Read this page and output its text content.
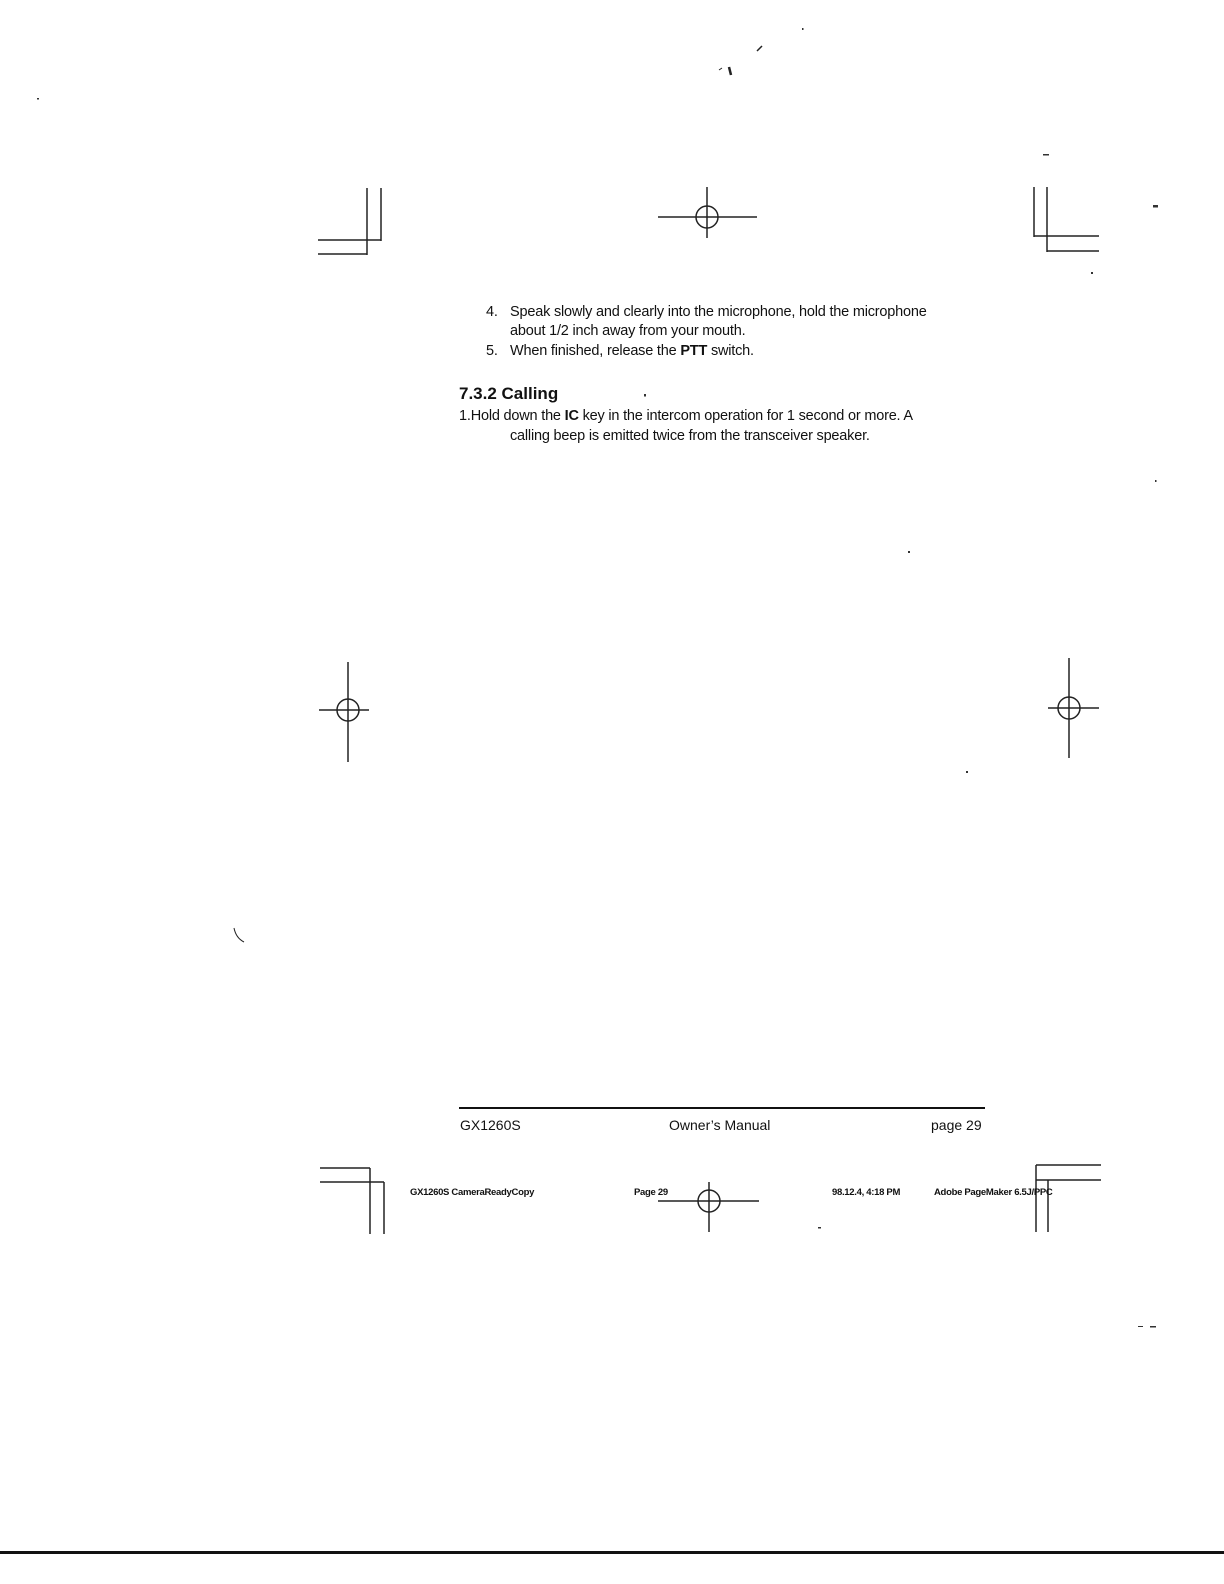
4. Speak slowly and clearly into the microphone, hold the microphone
about 1/2 inch away from your mouth.
5. When finished, release the PTT switch.
7.3.2 Calling
1.Hold down the IC key in the intercom operation for 1 second or more. A
calling beep is emitted twice from the transceiver speaker.
GX1260S	Owner’s Manual	page 29
GX1260S CameraReadyCopy	Page 29	98.12.4, 4:18 PM	Adobe PageMaker 6.5J/PPC
